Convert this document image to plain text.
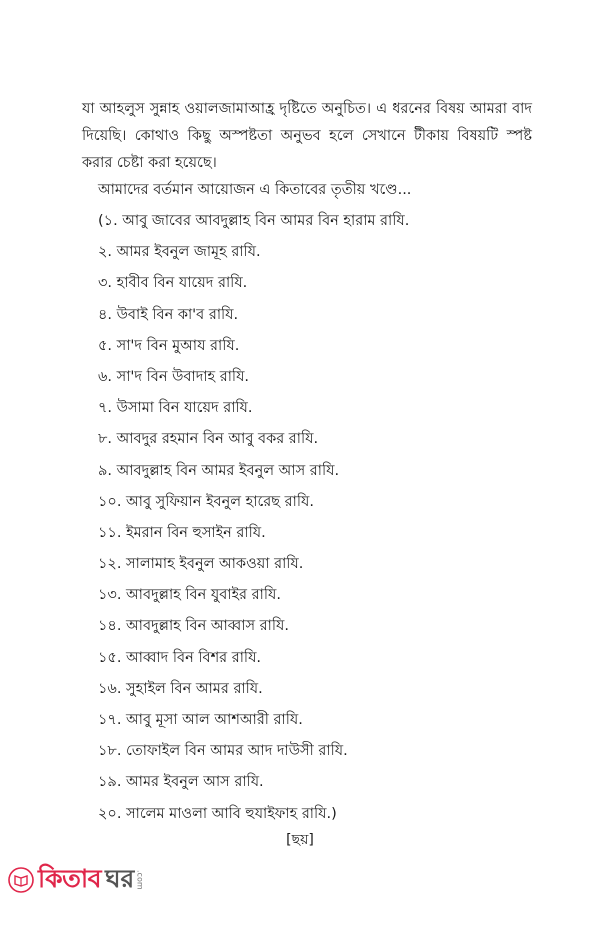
যা আহলুস সুন্নাহ ওয়ালজামাআহ্র দৃষ্টিতে অনুচিত। এ ধরনের বিষয় আমরা বাদ দিয়েছি। কোথাও কিছু অস্পষ্টতা অনুভব হলে সেখানে টীকায় বিষয়টি স্পষ্ট করার চেষ্টা করা হয়েছে।

আমাদের বর্তমান আয়োজন এ কিতাবের তৃতীয় খণ্ডে...

(১. আবু জাবের আবদুল্লাহ বিন আমর বিন হারাম রাযি.
২. আমর ইবনুল জামূহ রাযি.
৩. হাবীব বিন যায়েদ রাযি.
৪. উবাই বিন কা'ব রাযি.
৫. সা'দ বিন মুআয রাযি.
৬. সা'দ বিন উবাদাহ রাযি.
৭. উসামা বিন যায়েদ রাযি.
৮. আবদুর রহমান বিন আবু বকর রাযি.
৯. আবদুল্লাহ বিন আমর ইবনুল আস রাযি.
১০. আবু সুফিয়ান ইবনুল হারেছ রাযি.
১১. ইমরান বিন হুসাইন রাযি.
১২. সালামাহ ইবনুল আকওয়া রাযি.
১৩. আবদুল্লাহ বিন যুবাইর রাযি.
১৪. আবদুল্লাহ বিন আব্বাস রাযি.
১৫. আব্বাদ বিন বিশর রাযি.
১৬. সুহাইল বিন আমর রাযি.
১৭. আবু মূসা আল আশআরী রাযি.
১৮. তোফাইল বিন আমর আদ দাউসী রাযি.
১৯. আমর ইবনুল আস রাযি.
২০. সালেম মাওলা আবি হুযাইফাহ রাযি.)
[ছয়]
কিতাব ঘর .com
